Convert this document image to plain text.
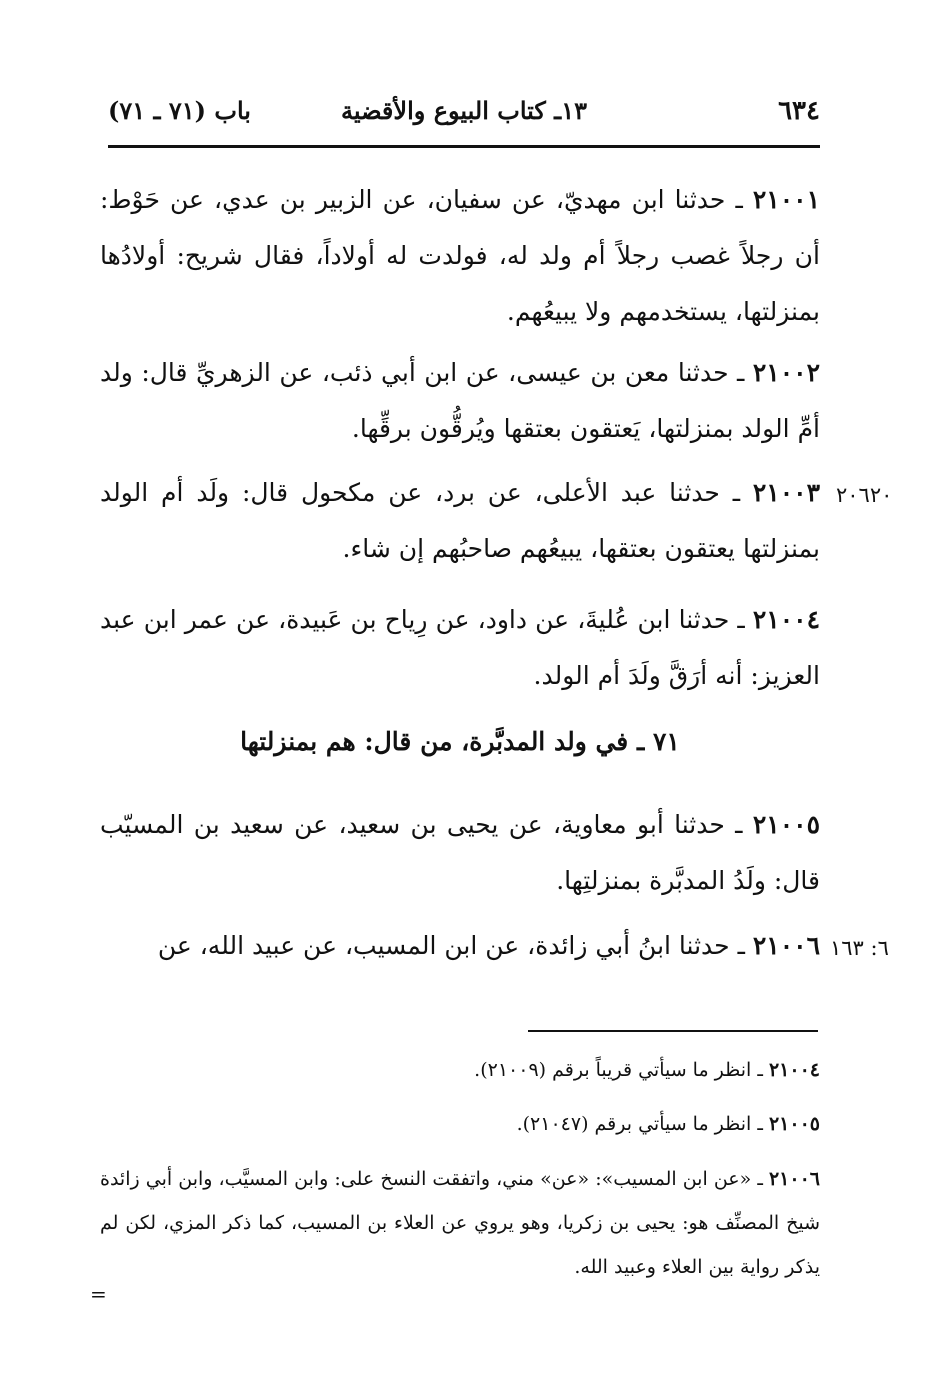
٦٣٤
١٣ـ كتاب البيوع والأقضية
باب (٧١ ـ ٧١)
٢١٠٠١ ـ حدثنا ابن مهديّ، عن سفيان، عن الزبير بن عدي، عن حَوْط: أن رجلاً غصب رجلاً أم ولد له، فولدت له أولاداً، فقال شريح: أولادُها بمنزلتها، يستخدمهم ولا يبيعُهم.
٢١٠٠٢ ـ حدثنا معن بن عيسى، عن ابن أبي ذئب، عن الزهريِّ قال: ولد أمِّ الولد بمنزلتها، يَعتقون بعتقها ويُرقُّون برقِّها.
٢١٠٠٣ ـ حدثنا عبد الأعلى، عن برد، عن مكحول قال: ولَد أم الولد بمنزلتها يعتقون بعتقها، يبيعُهم صاحبُهم إن شاء.
٢٠٦٢٠
٢١٠٠٤ ـ حدثنا ابن عُليةَ، عن داود، عن رِياح بن عَبيدة، عن عمر ابن عبد العزيز: أنه أرَقَّ ولَدَ أم الولد.
٧١ ـ في ولد المدبَّرة، من قال: هم بمنزلتها
٢١٠٠٥ ـ حدثنا أبو معاوية، عن يحيى بن سعيد، عن سعيد بن المسيّب قال: ولَدُ المدبَّرة بمنزلتِها.
٢١٠٠٦ ـ حدثنا ابنُ أبي زائدة، عن ابن المسيب، عن عبيد الله، عن	٦: ١٦٣
٢١٠٠٤ ـ انظر ما سيأتي قريباً برقم (٢١٠٠٩).
٢١٠٠٥ ـ انظر ما سيأتي برقم (٢١٠٤٧).
٢١٠٠٦ ـ «عن ابن المسيب»: «عن» مني، واتفقت النسخ على: وابن المسيَّب، وابن أبي زائدة شيخ المصنِّف هو: يحيى بن زكريا، وهو يروي عن العلاء بن المسيب، كما ذكر المزي، لكن لم يذكر رواية بين العلاء وعبيد الله.
=
